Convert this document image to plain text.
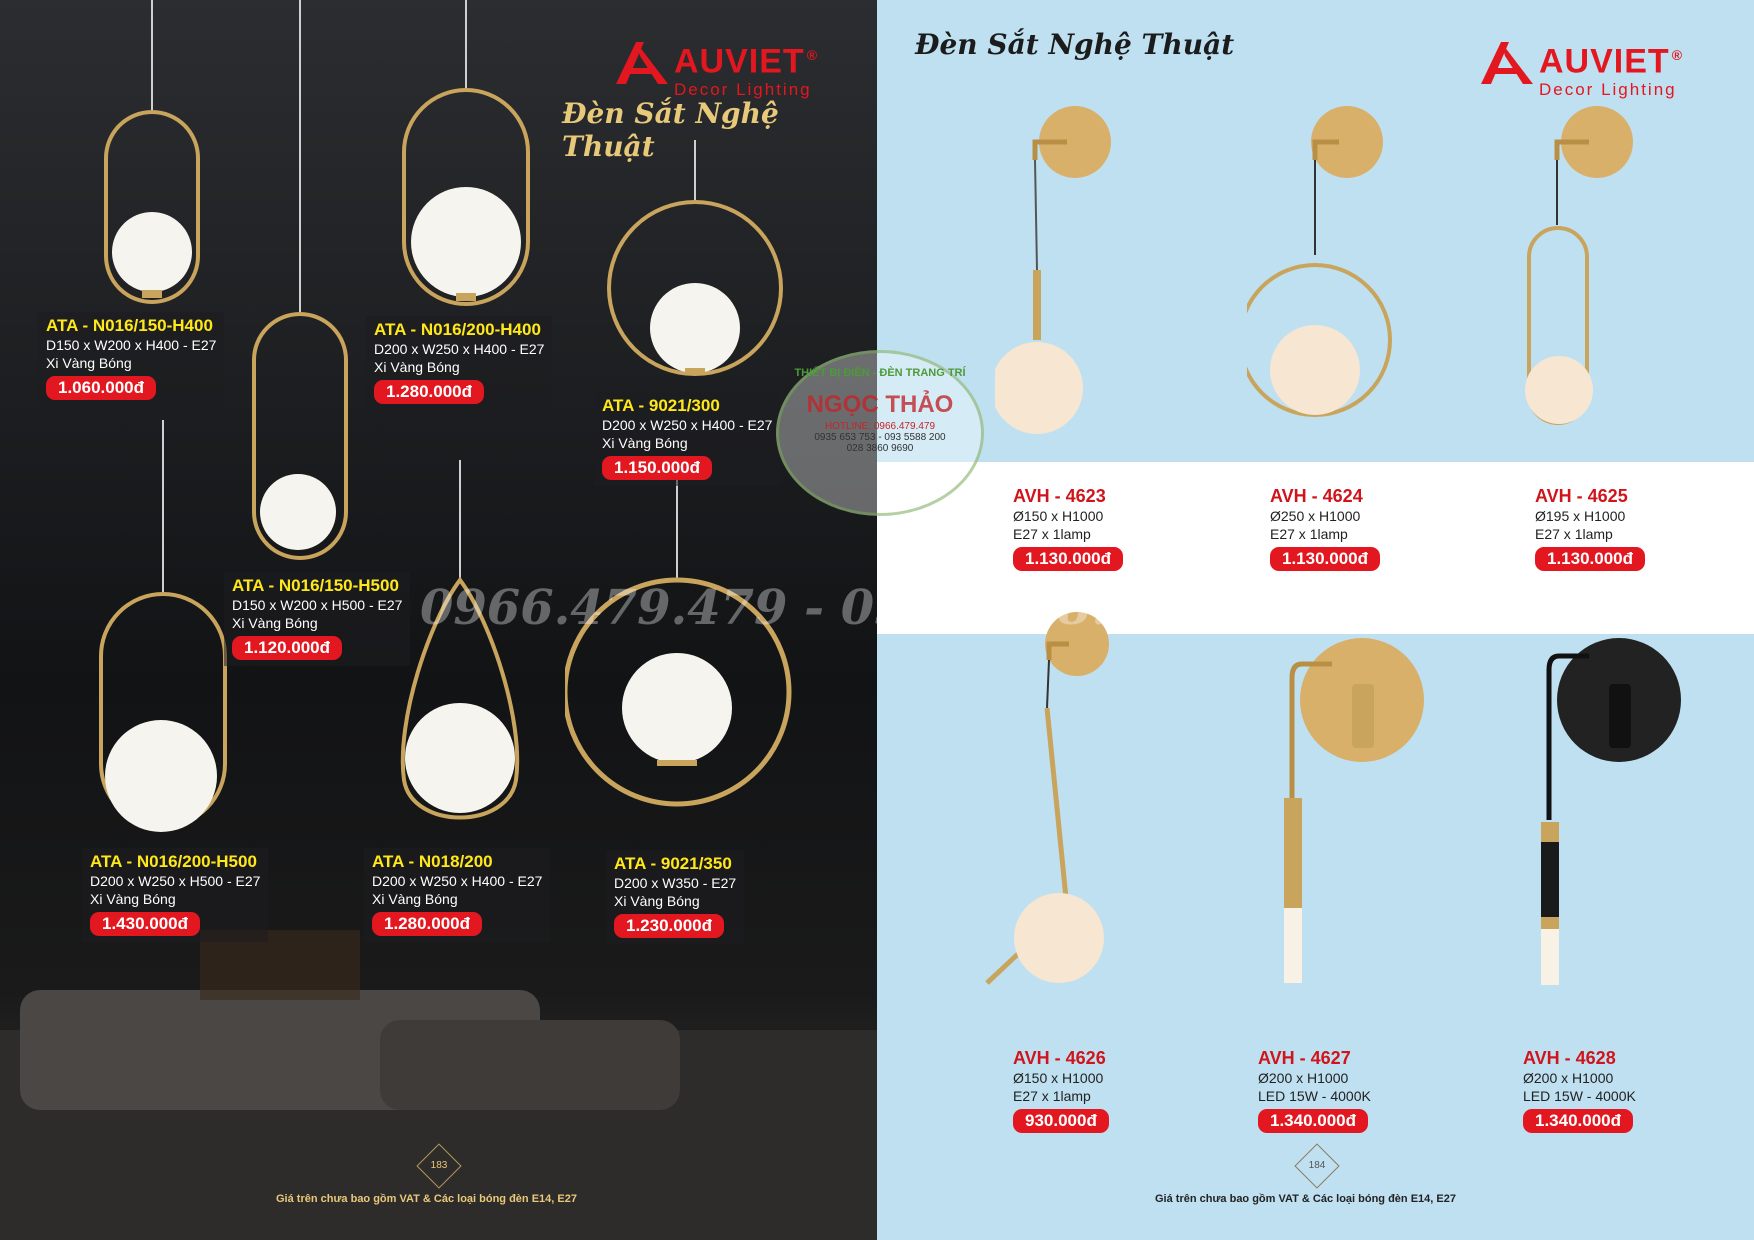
AUVIET ®
Decor Lighting
Đèn Sắt Nghệ Thuật
ATA - N016/150-H400
D150 x W200 x H400 - E27
Xi Vàng Bóng
1.060.000đ
ATA - N016/200-H400
D200 x W250 x H400 - E27
Xi Vàng Bóng
1.280.000đ
ATA - 9021/300
D200 x W250 x H400 - E27
Xi Vàng Bóng
1.150.000đ
ATA - N016/150-H500
D150 x W200 x H500 - E27
Xi Vàng Bóng
1.120.000đ
ATA - N016/200-H500
D200 x W250 x H500 - E27
Xi Vàng Bóng
1.430.000đ
ATA - N018/200
D200 x W250 x H400 - E27
Xi Vàng Bóng
1.280.000đ
ATA - 9021/350
D200 x W350 - E27
Xi Vàng Bóng
1.230.000đ
183
Giá trên chưa bao gồm VAT & Các loại bóng đèn E14, E27
Đèn Sắt Nghệ Thuật	AUVIET ®
Decor Lighting
AVH - 4623
Ø150 x H1000
E27 x 1lamp
1.130.000đ
AVH - 4624
Ø250 x H1000
E27 x 1lamp
1.130.000đ
AVH - 4625
Ø195 x H1000
E27 x 1lamp
1.130.000đ
AVH - 4626
Ø150 x H1000
E27 x 1lamp
930.000đ
AVH - 4627
Ø200 x H1000
LED 15W - 4000K
1.340.000đ
AVH - 4628
Ø200 x H1000
LED 15W - 4000K
1.340.000đ
184
Giá trên chưa bao gồm VAT & Các loại bóng đèn E14, E27
0966.479.479 - 093.5588.200
THIẾT BỊ ĐIỆN - ĐÈN TRANG TRÍ
NGỌC THẢO
HOTLINE: 0966.479.479
0935 653 753 - 093 5588 200
028 3860 9690
